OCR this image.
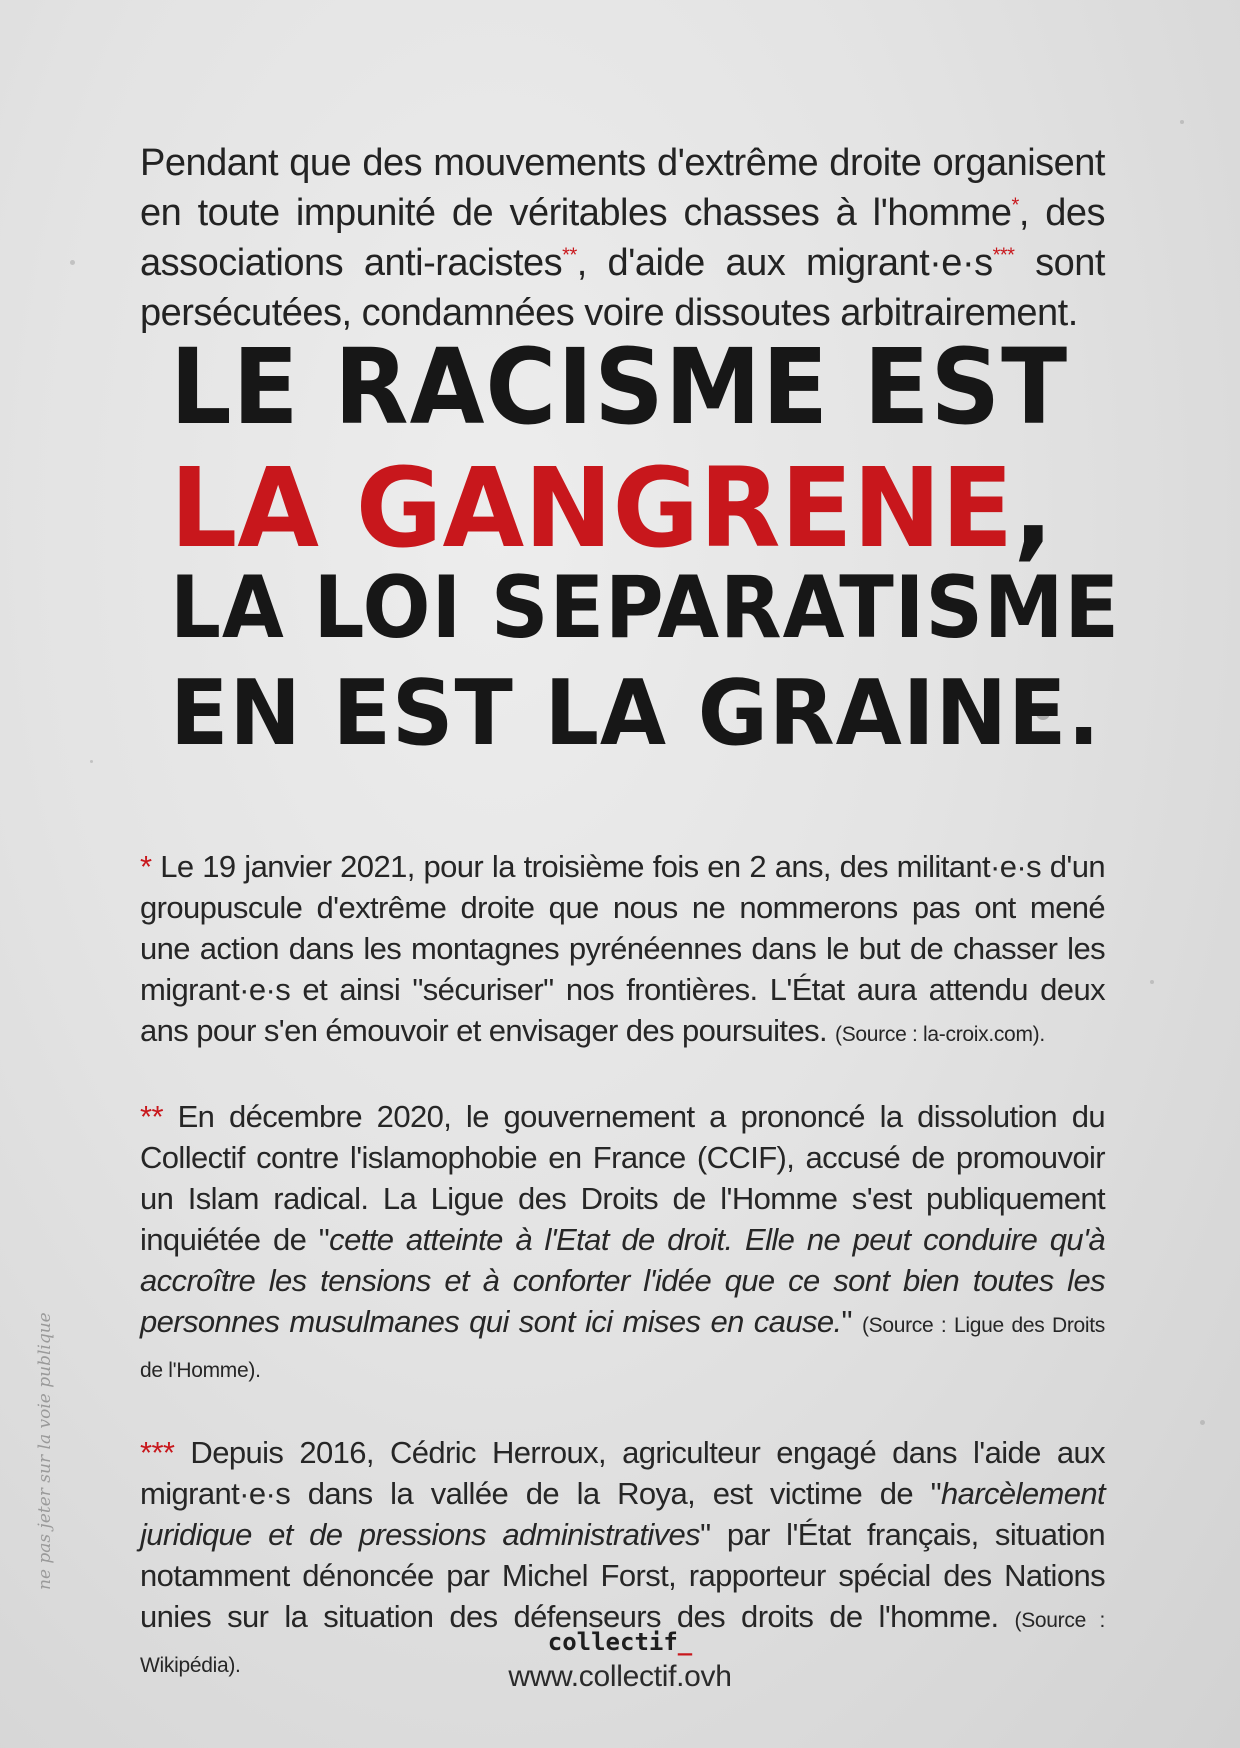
Pendant que des mouvements d'extrême droite organisent en toute impunité de véritables chasses à l'homme*, des associations anti-racistes**, d'aide aux migrant·e·s*** sont persécutées, condamnées voire dissoutes arbitrairement.

LE RACISME EST
LA GANGRENE,
LA LOI SEPARATISME
EN EST LA GRAINE.

* Le 19 janvier 2021, pour la troisième fois en 2 ans, des militant·e·s d'un groupuscule d'extrême droite que nous ne nommerons pas ont mené une action dans les montagnes pyrénéennes dans le but de chasser les migrant·e·s et ainsi "sécuriser" nos frontières. L'État aura attendu deux ans pour s'en émouvoir et envisager des poursuites. (Source : la-croix.com).

** En décembre 2020, le gouvernement a prononcé la dissolution du Collectif contre l'islamophobie en France (CCIF), accusé de promouvoir un Islam radical. La Ligue des Droits de l'Homme s'est publiquement inquiétée de "cette atteinte à l'Etat de droit. Elle ne peut conduire qu'à accroître les tensions et à conforter l'idée que ce sont bien toutes les personnes musulmanes qui sont ici mises en cause." (Source : Ligue des Droits de l'Homme).

*** Depuis 2016, Cédric Herroux, agriculteur engagé dans l'aide aux migrant·e·s dans la vallée de la Roya, est victime de "harcèlement juridique et de pressions administratives" par l'État français, situation notamment dénoncée par Michel Forst, rapporteur spécial des Nations unies sur la situation des défenseurs des droits de l'homme. (Source : Wikipédia).

ne pas jeter sur la voie publique
collectif_
www.collectif.ovh
